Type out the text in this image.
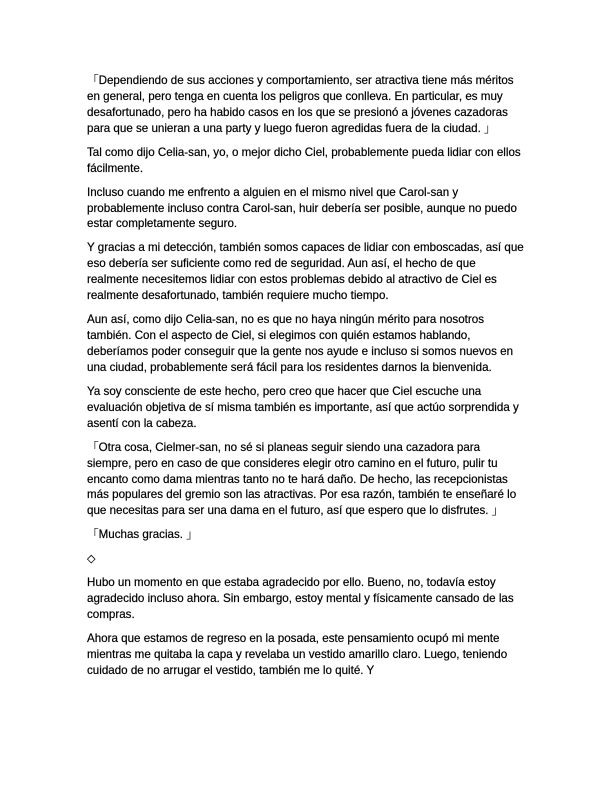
「Dependiendo de sus acciones y comportamiento, ser atractiva tiene más méritos en general, pero tenga en cuenta los peligros que conlleva. En particular, es muy desafortunado, pero ha habido casos en los que se presionó a jóvenes cazadoras para que se unieran a una party y luego fueron agredidas fuera de la ciudad. 」

Tal como dijo Celia-san, yo, o mejor dicho Ciel, probablemente pueda lidiar con ellos fácilmente.

Incluso cuando me enfrento a alguien en el mismo nivel que Carol-san y probablemente incluso contra Carol-san, huir debería ser posible, aunque no puedo estar completamente seguro.

Y gracias a mi detección, también somos capaces de lidiar con emboscadas, así que eso debería ser suficiente como red de seguridad. Aun así, el hecho de que realmente necesitemos lidiar con estos problemas debido al atractivo de Ciel es realmente desafortunado, también requiere mucho tiempo.

Aun así, como dijo Celia-san, no es que no haya ningún mérito para nosotros también. Con el aspecto de Ciel, si elegimos con quién estamos hablando, deberíamos poder conseguir que la gente nos ayude e incluso si somos nuevos en una ciudad, probablemente será fácil para los residentes darnos la bienvenida.

Ya soy consciente de este hecho, pero creo que hacer que Ciel escuche una evaluación objetiva de sí misma también es importante, así que actúo sorprendida y asentí con la cabeza.

「Otra cosa, Cielmer-san, no sé si planeas seguir siendo una cazadora para siempre, pero en caso de que consideres elegir otro camino en el futuro, pulir tu encanto como dama mientras tanto no te hará daño. De hecho, las recepcionistas más populares del gremio son las atractivas. Por esa razón, también te enseñaré lo que necesitas para ser una dama en el futuro, así que espero que lo disfrutes. 」

「Muchas gracias. 」

◇

Hubo un momento en que estaba agradecido por ello. Bueno, no, todavía estoy agradecido incluso ahora. Sin embargo, estoy mental y físicamente cansado de las compras.

Ahora que estamos de regreso en la posada, este pensamiento ocupó mi mente mientras me quitaba la capa y revelaba un vestido amarillo claro. Luego, teniendo cuidado de no arrugar el vestido, también me lo quité. Y
